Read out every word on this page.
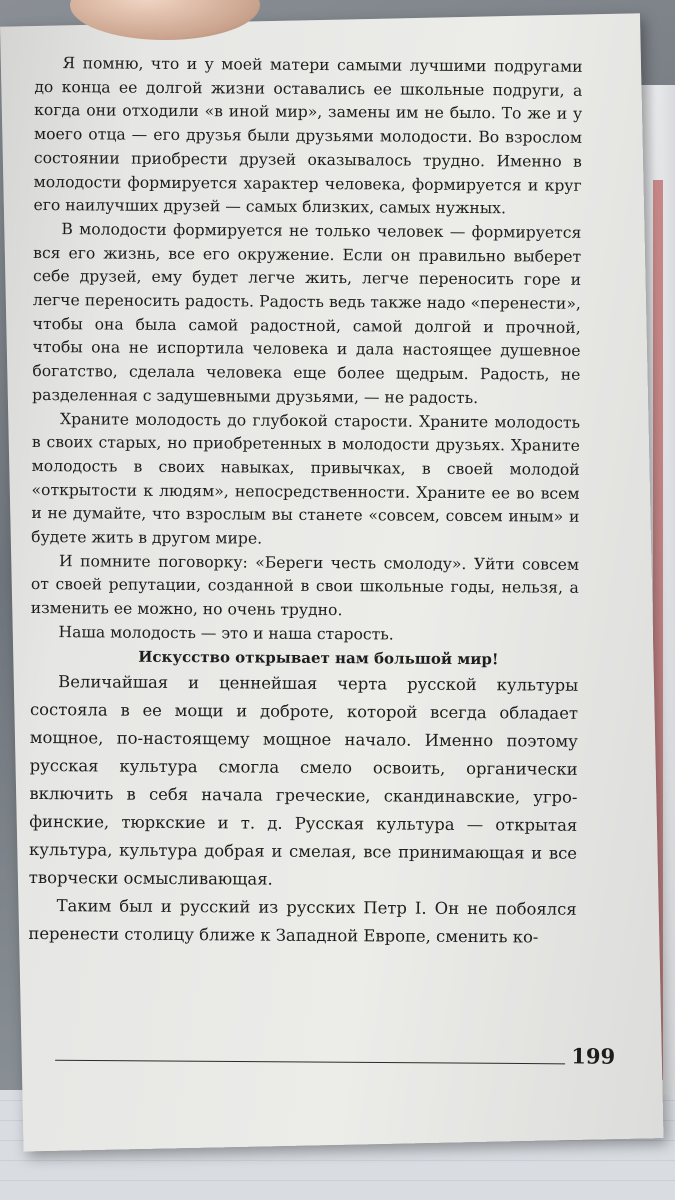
Я помню, что и у моей матери самыми лучшими подругами до конца ее долгой жизни оставались ее школьные подруги, а когда они отходили «в иной мир», замены им не было. То же и у моего отца — его друзья были друзьями молодости. Во взрослом состоянии приобрести друзей оказывалось трудно. Именно в молодости формируется характер человека, формируется и круг его наилучших друзей — самых близких, самых нужных.

В молодости формируется не только человек — формируется вся его жизнь, все его окружение. Если он правильно выберет себе друзей, ему будет легче жить, легче переносить горе и легче переносить радость. Радость ведь также надо «перенести», чтобы она была самой радостной, самой долгой и прочной, чтобы она не испортила человека и дала настоящее душевное богатство, сделала человека еще более щедрым. Радость, не разделенная с задушевными друзьями, — не радость.

Храните молодость до глубокой старости. Храните молодость в своих старых, но приобретенных в молодости друзьях. Храните молодость в своих навыках, привычках, в своей молодой «открытости к людям», непосредственности. Храните ее во всем и не думайте, что взрослым вы станете «совсем, совсем иным» и будете жить в другом мире.

И помните поговорку: «Береги честь смолоду». Уйти совсем от своей репутации, созданной в свои школьные годы, нельзя, а изменить ее можно, но очень трудно.

Наша молодость — это и наша старость.

Искусство открывает нам большой мир!

Величайшая и ценнейшая черта русской культуры состояла в ее мощи и доброте, которой всегда обладает мощное, по-настоящему мощное начало. Именно поэтому русская культура смогла смело освоить, органически включить в себя начала греческие, скандинавские, угро-финские, тюркские и т. д. Русская культура — открытая культура, культура добрая и смелая, все принимающая и все творчески осмысливающая.

Таким был и русский из русских Петр I. Он не побоялся перенести столицу ближе к Западной Европе, сменить ко-

199
